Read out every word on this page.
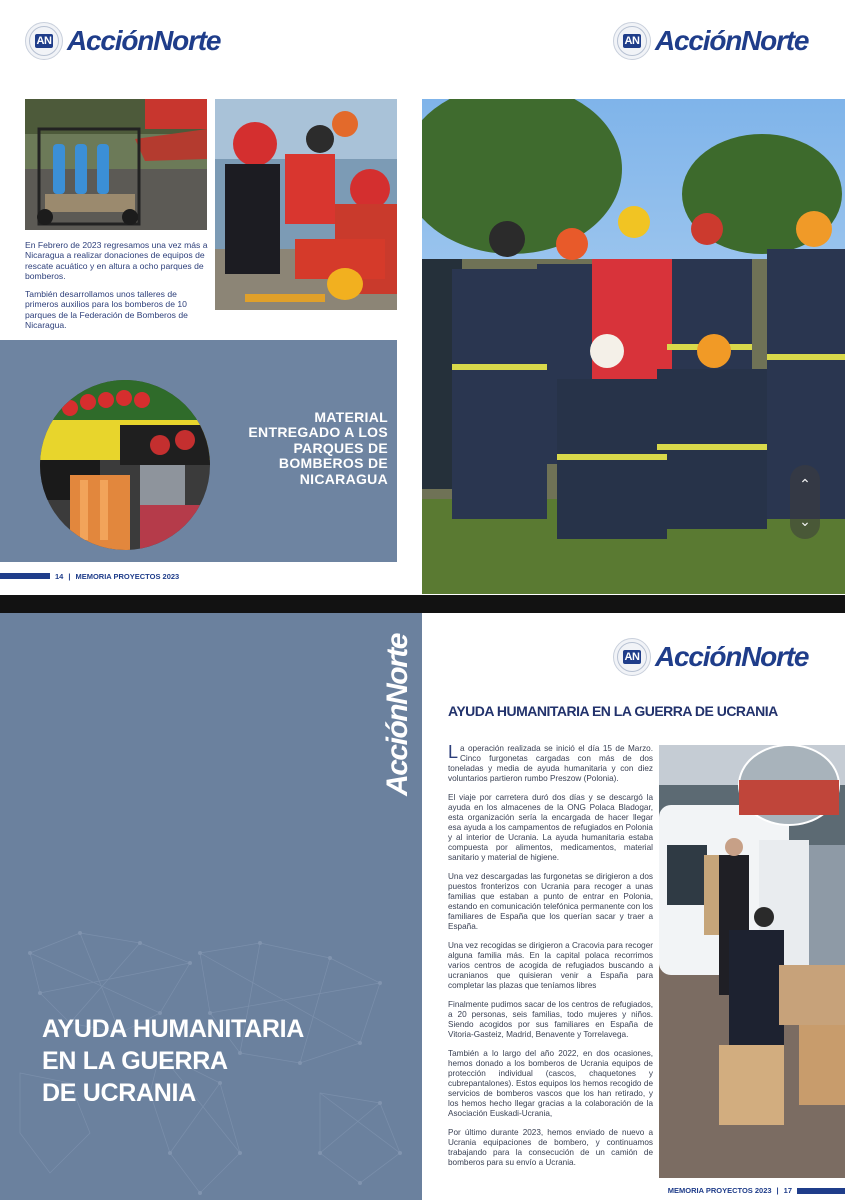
AN AcciónNorte	AN AcciónNorte

En Febrero de 2023 regresamos una vez más a Nicaragua a realizar donaciones de equipos de rescate acuático y en altura a ocho parques de bomberos.

También desarrollamos unos talleres de primeros auxilios para los bomberos de 10 parques de la Federación de Bomberos de Nicaragua.

MATERIAL ENTREGADO A LOS PARQUES DE BOMBEROS DE NICARAGUA
14 | MEMORIA PROYECTOS 2023
⌃
⌄
AcciónNorte
AYUDA HUMANITARIA
EN LA GUERRA
DE UCRANIA
AN AcciónNorte
AYUDA HUMANITARIA EN LA GUERRA DE UCRANIA

La operación realizada se inició el día 15 de Marzo. Cinco furgonetas cargadas con más de dos toneladas y media de ayuda humanitaria y con diez voluntarios partieron rumbo Preszow (Polonia).

El viaje por carretera duró dos días y se descargó la ayuda en los almacenes de la ONG Polaca Bladogar, esta organización sería la encargada de hacer llegar esa ayuda a los campamentos de refugiados en Polonia y al interior de Ucrania. La ayuda humanitaria estaba compuesta por alimentos, medicamentos, material sanitario y material de higiene.

Una vez descargadas las furgonetas se dirigieron a dos puestos fronterizos con Ucrania para recoger a unas familias que estaban a punto de entrar en Polonia, estando en comunicación telefónica permanente con los familiares de España que los querían sacar y traer a España.

Una vez recogidas se dirigieron a Cracovia para recoger alguna familia más. En la capital polaca recorrimos varios centros de acogida de refugiados buscando a ucranianos que quisieran venir a España para completar las plazas que teníamos libres

Finalmente pudimos sacar de los centros de refugiados, a 20 personas, seis familias, todo mujeres y niños. Siendo acogidos por sus familiares en España de Vitoria-Gasteiz, Madrid, Benavente y Torrelavega.

También a lo largo del año 2022, en dos ocasiones, hemos donado a los bomberos de Ucrania equipos de protección individual (cascos, chaquetones y cubrepantalones). Estos equipos los hemos recogido de servicios de bomberos vascos que los han retirado, y los hemos hecho llegar gracias a la colaboración de la Asociación Euskadi-Ucrania,

Por último durante 2023, hemos enviado de nuevo a Ucrania equipaciones de bombero, y continuamos trabajando para la consecución de un camión de bomberos para su envío a Ucrania.

MEMORIA PROYECTOS 2023 | 17
